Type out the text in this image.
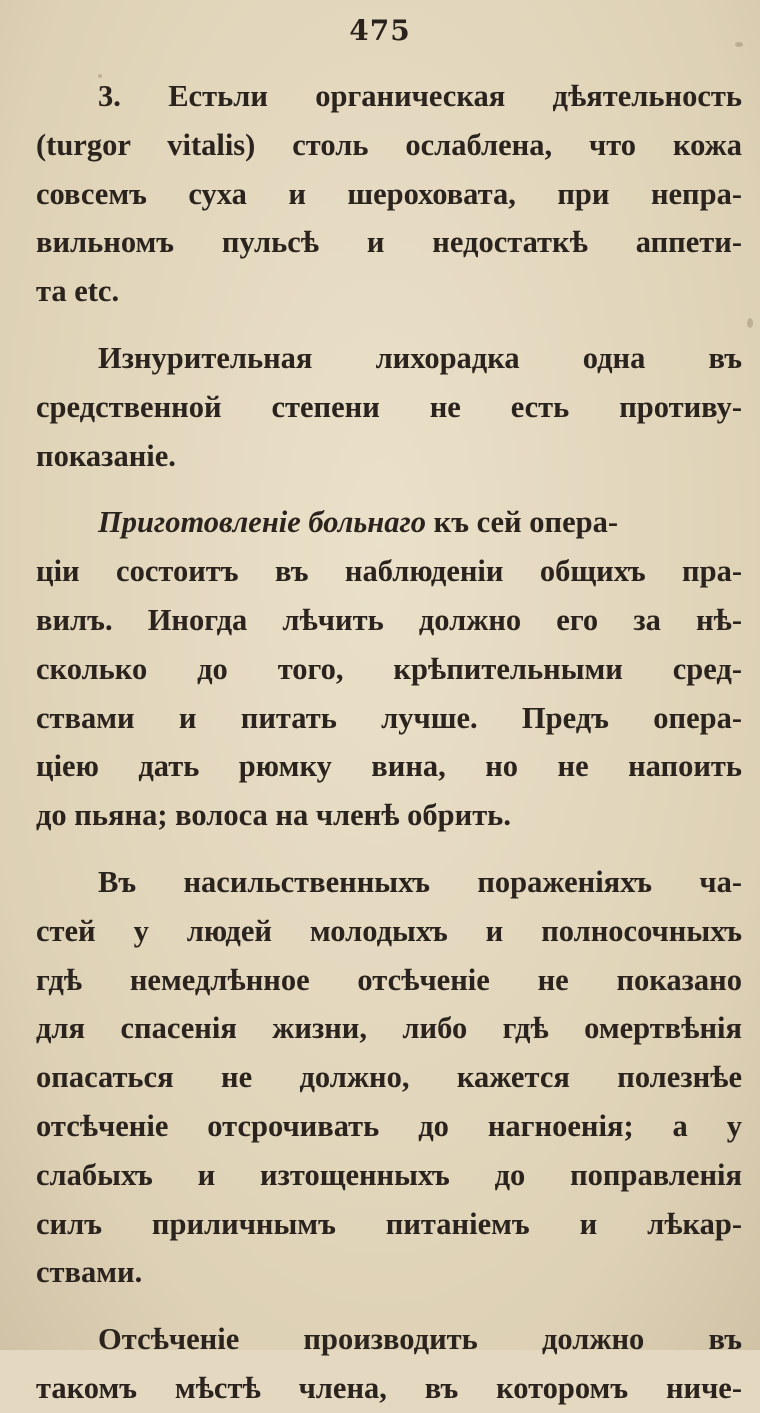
475
3. Естьли органическая дѣятельность
(turgor vitalis) столь ослаблена, что кожа
совсемъ суха и шероховата, при непра-
вильномъ пульсѣ и недостаткѣ аппети-
та etc.
Изнурительная лихорадка одна въ
средственной степени не есть противу-
показаніе.
Приготовленіе больнаго къ сей опера-
ціи состоитъ въ наблюденіи общихъ пра-
вилъ. Иногда лѣчить должно его за нѣ-
сколько до того, крѣпительными сред-
ствами и питать лучше. Предъ опера-
ціею дать рюмку вина, но не напоить
до пьяна; волоса на членѣ обрить.
Въ насильственныхъ пораженіяхъ ча-
стей у людей молодыхъ и полносочныхъ
гдѣ немедлѣнное отсѣченіе не показано
для спасенія жизни, либо гдѣ омертвѣнія
опасаться не должно, кажется полезнѣе
отсѣченіе отсрочивать до нагноенія; а у
слабыхъ и изтощенныхъ до поправленія
силъ приличнымъ питаніемъ и лѣкар-
ствами.
Отсѣченіе производить должно въ
такомъ мѣстѣ члена, въ которомъ ниче-
